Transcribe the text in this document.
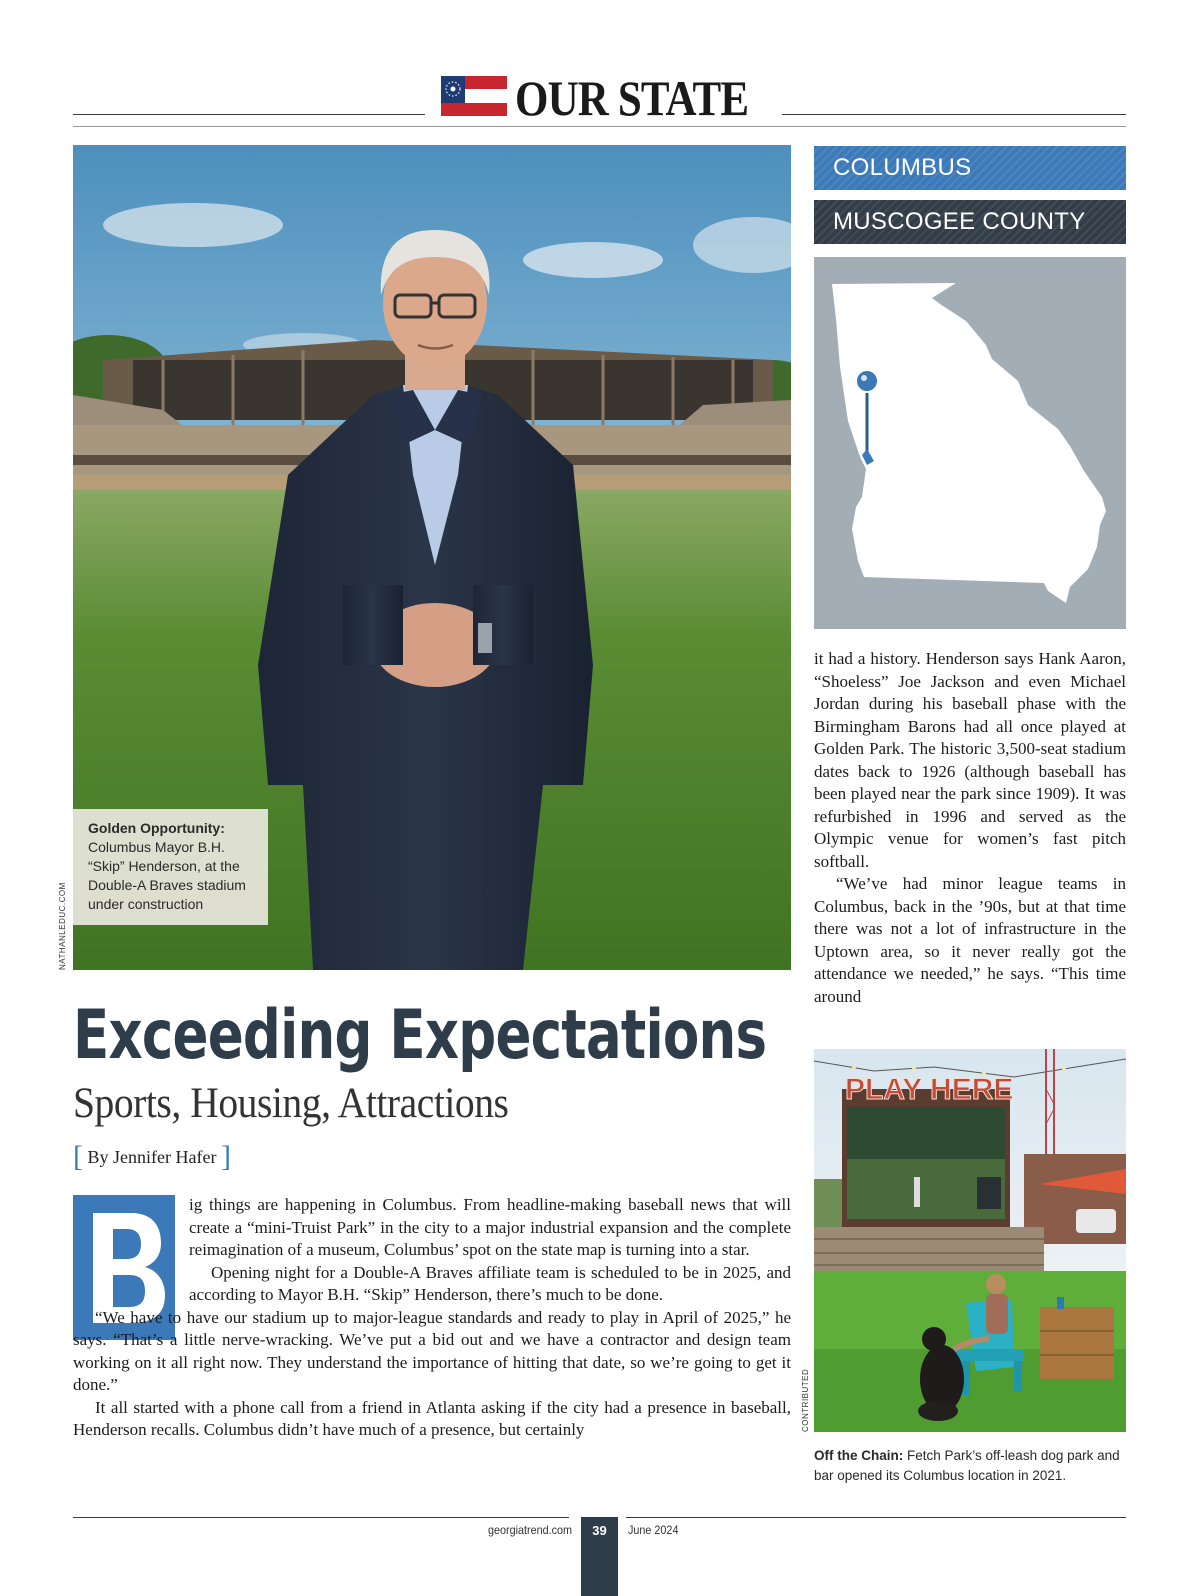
OUR STATE
Golden Opportunity: Columbus Mayor B.H. “Skip” Henderson, at the Double-A Braves stadium under construction
NATHANLEDUC.COM
COLUMBUS
MUSCOGEE COUNTY

it had a history. Henderson says Hank Aaron, “Shoeless” Joe Jackson and even Michael Jordan during his baseball phase with the Birmingham Barons had all once played at Golden Park. The historic 3,500-seat stadium dates back to 1926 (although baseball has been played near the park since 1909). It was refurbished in 1996 and served as the Olympic venue for women’s fast pitch softball.

“We’ve had minor league teams in Columbus, back in the ’90s, but at that time there was not a lot of infrastructure in the Uptown area, so it never really got the attendance we needed,” he says. “This time around

PLAY HERE
CONTRIBUTED
Off the Chain: Fetch Park’s off-leash dog park and bar opened its Columbus location in 2021.
Exceeding Expectations
Sports, Housing, Attractions
[ By Jennifer Hafer ]
B	ig things are happening in Columbus. From headline-making baseball news that will create a “mini-Truist Park” in the city to a major industrial expansion and the complete reimagination of a museum, Columbus’ spot on the state map is turning into a star.

Opening night for a Double-A Braves affiliate team is scheduled to be in 2025, and according to Mayor B.H. “Skip” Henderson, there’s much to be done.

“We have to have our stadium up to major-league standards and ready to play in April of 2025,” he says. “That’s a little nerve-wracking. We’ve put a bid out and we have a contractor and design team working on it all right now. They understand the importance of hitting that date, so we’re going to get it done.”

It all started with a phone call from a friend in Atlanta asking if the city had a presence in baseball, Henderson recalls. Columbus didn’t have much of a presence, but certainly

georgiatrend.com	39	June 2024
